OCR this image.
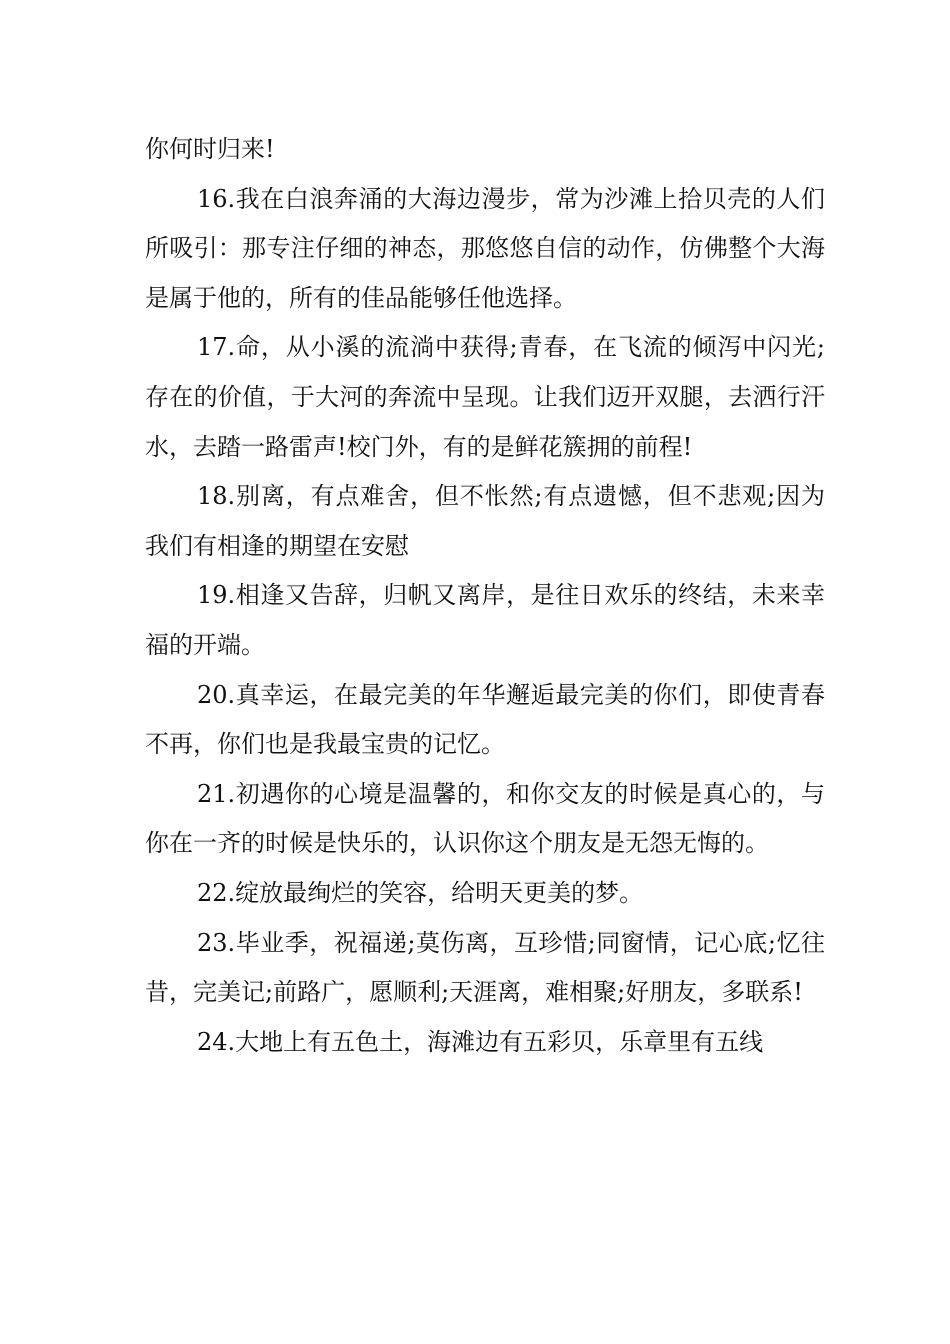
你何时归来!

16.我在白浪奔涌的大海边漫步，常为沙滩上拾贝壳的人们所吸引：那专注仔细的神态，那悠悠自信的动作，仿佛整个大海是属于他的，所有的佳品能够任他选择。

17.命，从小溪的流淌中获得;青春，在飞流的倾泻中闪光;存在的价值，于大河的奔流中呈现。让我们迈开双腿，去洒行汗水，去踏一路雷声!校门外，有的是鲜花簇拥的前程!

18.别离，有点难舍，但不怅然;有点遗憾，但不悲观;因为我们有相逢的期望在安慰

19.相逢又告辞，归帆又离岸，是往日欢乐的终结，未来幸福的开端。

20.真幸运，在最完美的年华邂逅最完美的你们，即使青春不再，你们也是我最宝贵的记忆。

21.初遇你的心境是温馨的，和你交友的时候是真心的，与你在一齐的时候是快乐的，认识你这个朋友是无怨无悔的。

22.绽放最绚烂的笑容，给明天更美的梦。

23.毕业季，祝福递;莫伤离，互珍惜;同窗情，记心底;忆往昔，完美记;前路广，愿顺利;天涯离，难相聚;好朋友，多联系!

24.大地上有五色土，海滩边有五彩贝，乐章里有五线
